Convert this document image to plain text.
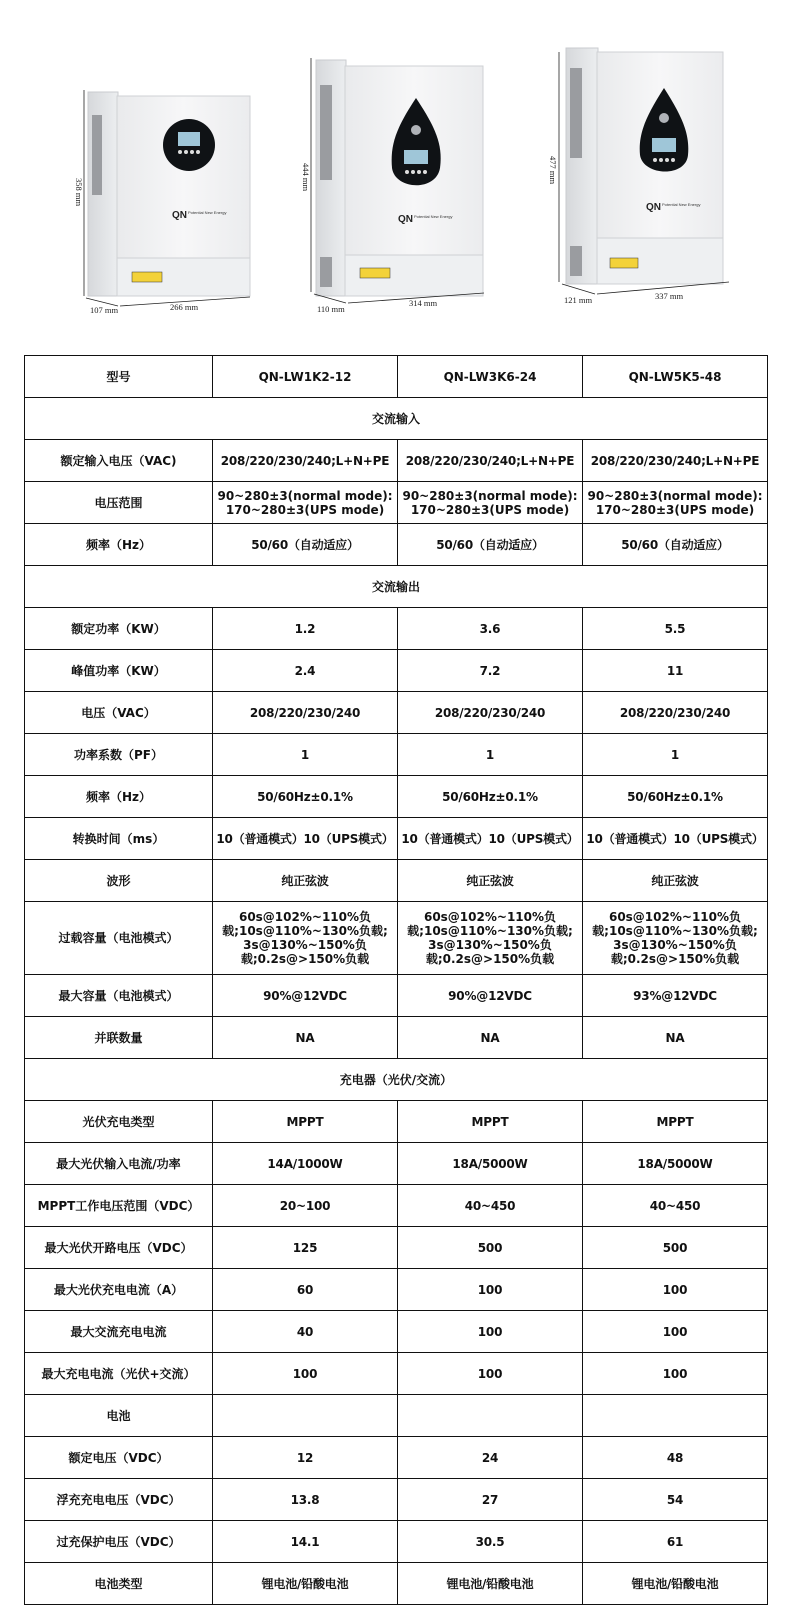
QN Potential New Energy
358 mm
107 mm	266 mm
QN Potential New Energy
444 mm
110 mm
314 mm
QN Potential New Energy
477 mm
121 mm	337 mm
型号	QN-LW1K2-12	QN-LW3K6-24	QN-LW5K5-48
交流输入			
额定输入电压（VAC)	208/220/230/240;L+N+PE	208/220/230/240;L+N+PE	208/220/230/240;L+N+PE
电压范围	90~280±3(normal mode):
170~280±3(UPS mode)	90~280±3(normal mode):
170~280±3(UPS mode)	90~280±3(normal mode):
170~280±3(UPS mode)

频率（Hz）	50/60（自动适应）	50/60（自动适应）	50/60（自动适应）
交流输出			
额定功率（KW）	1.2	3.6	5.5
峰值功率（KW）	2.4	7.2	11
电压（VAC）	208/220/230/240	208/220/230/240	208/220/230/240
功率系数（PF）	1	1	1
频率（Hz）	50/60Hz±0.1%	50/60Hz±0.1%	50/60Hz±0.1%
转换时间（ms）	10（普通模式）10（UPS模式）	10（普通模式）10（UPS模式）	10（普通模式）10（UPS模式）
波形	纯正弦波	纯正弦波	纯正弦波
过载容量（电池模式）	60s@102%~110%负
载;10s@110%~130%负载;
3s@130%~150%负
载;0.2s@>150%负载	60s@102%~110%负
载;10s@110%~130%负载;
3s@130%~150%负
载;0.2s@>150%负载	60s@102%~110%负
载;10s@110%~130%负载;
3s@130%~150%负
载;0.2s@>150%负载

最大容量（电池模式）	90%@12VDC	90%@12VDC	93%@12VDC
并联数量	NA	NA	NA
充电器（光伏/交流）			
光伏充电类型	MPPT	MPPT	MPPT
最大光伏输入电流/功率	14A/1000W	18A/5000W	18A/5000W
MPPT工作电压范围（VDC）	20~100	40~450	40~450
最大光伏开路电压（VDC）	125	500	500
最大光伏充电电流（A）	60	100	100
最大交流充电电流	40	100	100
最大充电电流（光伏+交流）	100	100	100
电池			
额定电压（VDC）	12	24	48
浮充充电电压（VDC）	13.8	27	54
过充保护电压（VDC）	14.1	30.5	61
电池类型	锂电池/铅酸电池	锂电池/铅酸电池	锂电池/铅酸电池
